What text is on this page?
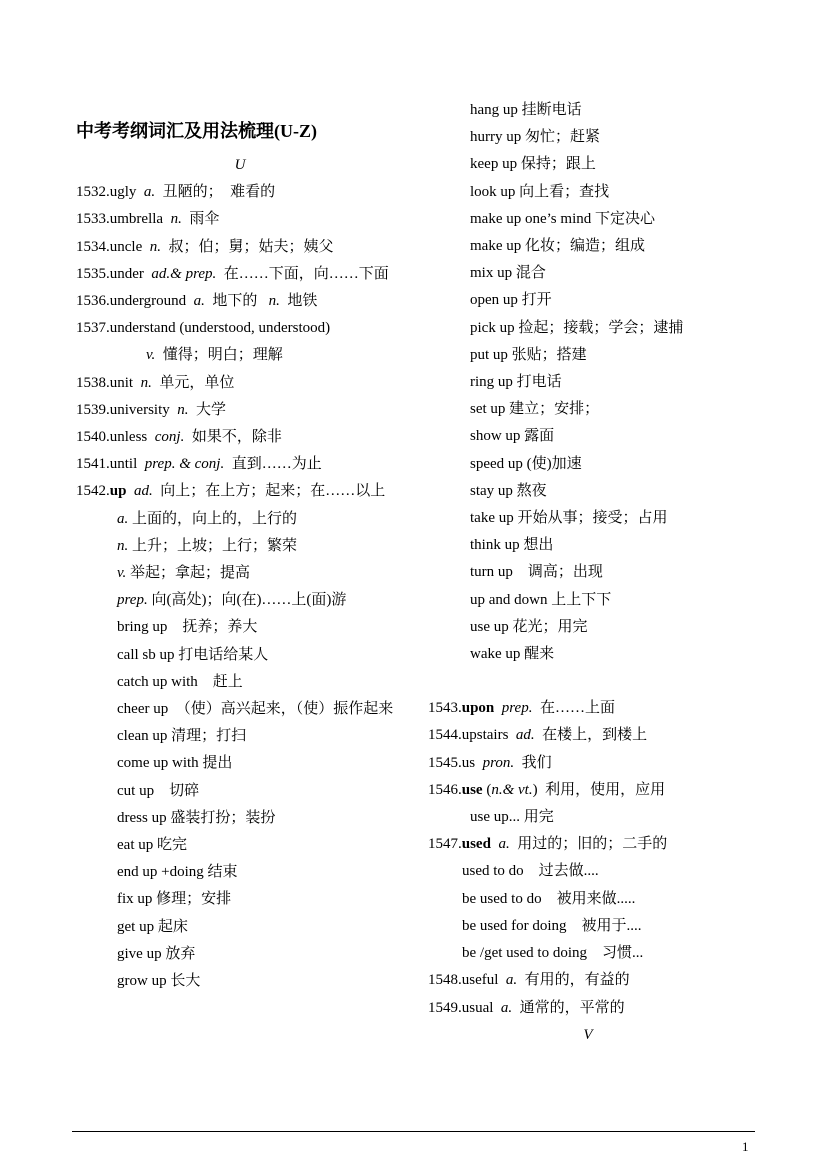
中考考纲词汇及用法梳理(U-Z)
U
1532.ugly a. 丑陋的；　难看的
1533.umbrella n. 雨伞
1534.uncle n. 叔；伯；舅；姑夫；姨父
1535.under ad.& prep. 在……下面，向……下面
1536.underground a. 地下的 n. 地铁
1537.understand (understood, understood)
v. 懂得；明白；理解
1538.unit n. 单元，单位
1539.university n. 大学
1540.unless conj. 如果不，除非
1541.until prep. & conj. 直到……为止
1542.up ad. 向上；在上方；起来；在……以上
a. 上面的，向上的，上行的
n. 上升；上坡；上行；繁荣
v. 举起；拿起；提高
prep. 向(高处)；向(在)……上(面)游
bring up　抚养；养大
call sb up 打电话给某人
catch up with　赶上
cheer up　（使）高兴起来，（使）振作起来
clean up 清理；打扫
come up with 提出
cut up　切碎
dress up 盛装打扮；装扮
eat up 吃完
end up +doing 结束
fix up 修理；安排
get up 起床
give up 放弃
grow up 长大
hang up 挂断电话
hurry up 匆忙；赶紧
keep up 保持；跟上
look up 向上看；查找
make up one’s mind 下定决心
make up 化妆；编造；组成
mix up 混合
open up 打开
pick up 捡起；接载；学会；逮捕
put up 张贴；搭建
ring up 打电话
set up 建立；安排；
show up 露面
speed up (使)加速
stay up 熬夜
take up 开始从事；接受；占用
think up 想出
turn up　调高；出现
up and down 上上下下
use up 花光；用完
wake up 醒来
1543.upon prep. 在……上面
1544.upstairs ad. 在楼上，到楼上
1545.us pron. 我们
1546.use (n.& vt.)  利用，使用，应用
use up... 用完
1547.used a. 用过的；旧的；二手的
used to do　过去做....
be used to do　被用来做.....
be used for doing　被用于....
be /get used to doing　习惯...
1548.useful a. 有用的，有益的
1549.usual a. 通常的，平常的
V
1
